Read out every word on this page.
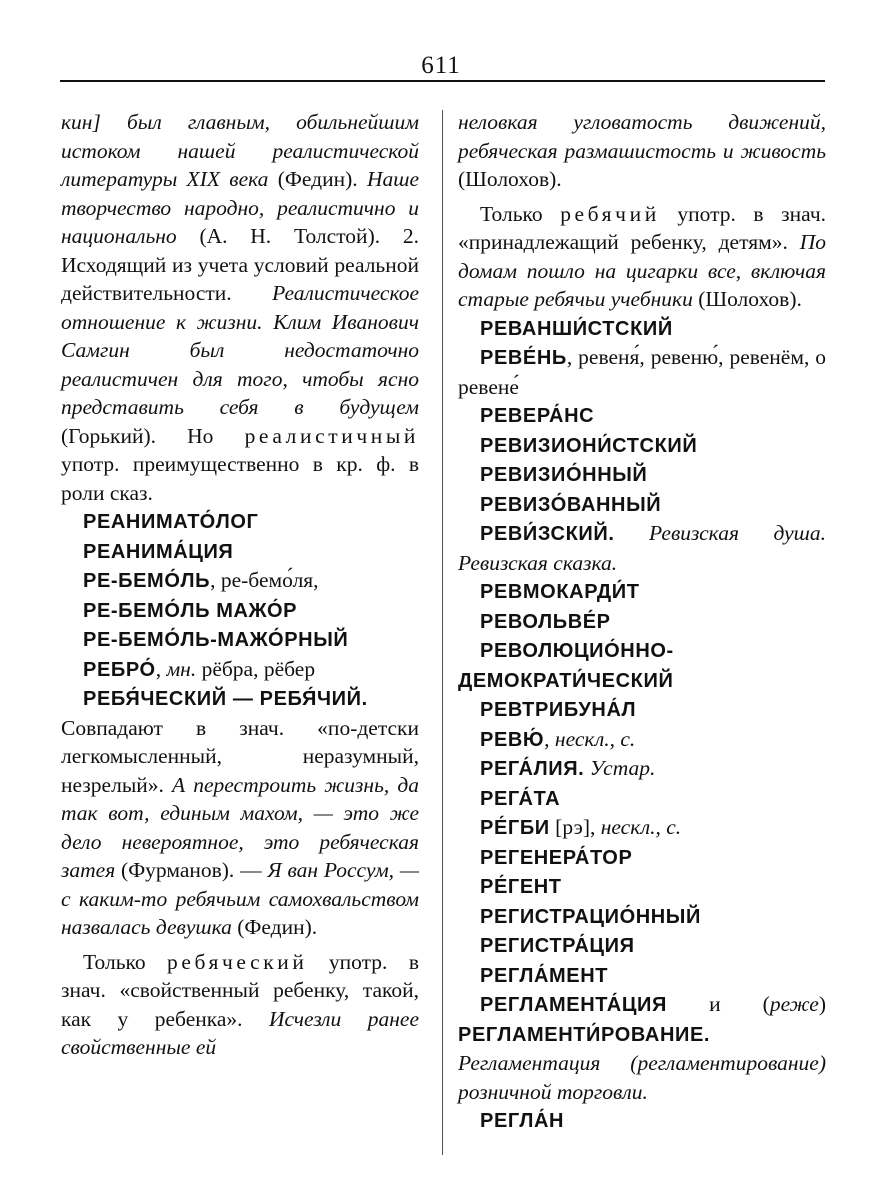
611

кин] был главным, обильнейшим истоком нашей реалистической литературы XIX века (Федин). Наше творчество народно, реалистично и национально (А. Н. Толстой). 2. Исходящий из учета условий реальной действительности. Реалистическое отношение к жизни. Клим Иванович Самгин был недостаточно реалистичен для того, чтобы ясно представить себя в будущем (Горький). Но реалистичный употр. преимущественно в кр. ф. в роли сказ.

РЕАНИМАТО́ЛОГ

РЕАНИМА́ЦИЯ

РЕ-БЕМО́ЛЬ, ре-бемо́ля,

РЕ-БЕМО́ЛЬ МАЖО́Р

РЕ-БЕМО́ЛЬ-МАЖО́РНЫЙ

РЕБРО́, мн. рёбра, рёбер

РЕБЯ́ЧЕСКИЙ — РЕБЯ́ЧИЙ.

Совпадают в знач. «по-детски легкомысленный, неразумный, незрелый». А перестроить жизнь, да так вот, единым махом, — это же дело невероятное, это ребяческая затея (Фурманов). — Я ван Россум, — с каким-то ребячьим самохвальством назвалась девушка (Федин).

Только ребяческий употр. в знач. «свойственный ребенку, такой, как у ребенка». Исчезли ранее свойственные ей

неловкая угловатость движений, ребяческая размашистость и живость (Шолохов).

Только ребячий употр. в знач. «принадлежащий ребенку, детям». По домам пошло на цигарки все, включая старые ребячьи учебники (Шолохов).

РЕВАНШИ́СТСКИЙ

РЕВЕ́НЬ, ревеня́, ревеню́, ревенём, о ревене́

РЕВЕРА́НС

РЕВИЗИОНИ́СТСКИЙ

РЕВИЗИО́ННЫЙ

РЕВИЗО́ВАННЫЙ

РЕВИ́ЗСКИЙ. Ревизская душа. Ревизская сказка.

РЕВМОКАРДИ́Т

РЕВОЛЬВЕ́Р

РЕВОЛЮЦИО́ННО-ДЕМОКРАТИ́ЧЕСКИЙ

РЕВТРИБУНА́Л

РЕВЮ́, нескл., с.

РЕГА́ЛИЯ. Устар.

РЕГА́ТА

РЕ́ГБИ [рэ], нескл., с.

РЕГЕНЕРА́ТОР

РЕ́ГЕНТ

РЕГИСТРАЦИО́ННЫЙ

РЕГИСТРА́ЦИЯ

РЕГЛА́МЕНТ

РЕГЛАМЕНТА́ЦИЯ и (реже) РЕГЛАМЕНТИ́РОВАНИЕ. Регламентация (регламентирование) розничной торговли.

РЕГЛА́Н
